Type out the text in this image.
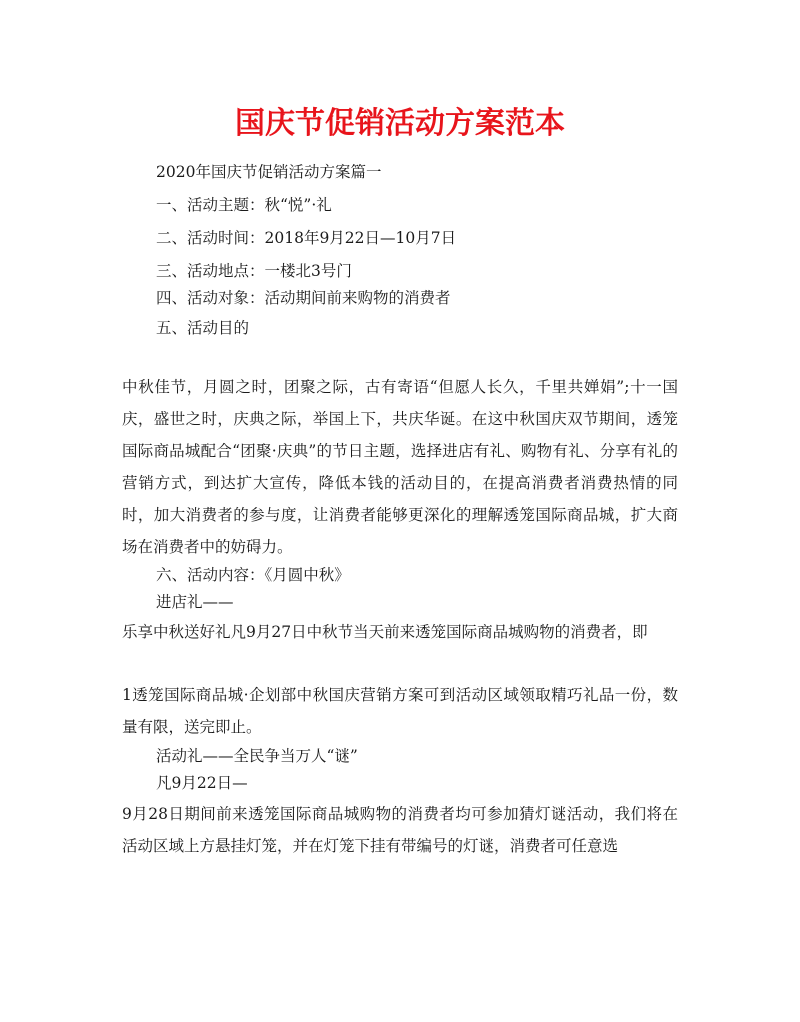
国庆节促销活动方案范本

2020年国庆节促销活动方案篇一

一、活动主题：秋“悦”·礼

二、活动时间：2018年9月22日—10月7日

三、活动地点：一楼北3号门

四、活动对象：活动期间前来购物的消费者

五、活动目的

中秋佳节，月圆之时，团聚之际，古有寄语“但愿人长久，千里共婵娟”;十一国庆，盛世之时，庆典之际，举国上下，共庆华诞。在这中秋国庆双节期间，透笼国际商品城配合“团聚·庆典”的节日主题，选择进店有礼、购物有礼、分享有礼的营销方式，到达扩大宣传，降低本钱的活动目的，在提高消费者消费热情的同时，加大消费者的参与度，让消费者能够更深化的理解透笼国际商品城，扩大商场在消费者中的妨碍力。

六、活动内容：《月圆中秋》

进店礼——

乐享中秋送好礼凡9月27日中秋节当天前来透笼国际商品城购物的消费者，即

1透笼国际商品城·企划部中秋国庆营销方案可到活动区域领取精巧礼品一份，数量有限，送完即止。

活动礼——全民争当万人“谜”

凡9月22日—

9月28日期间前来透笼国际商品城购物的消费者均可参加猜灯谜活动，我们将在活动区域上方悬挂灯笼，并在灯笼下挂有带编号的灯谜，消费者可任意选
